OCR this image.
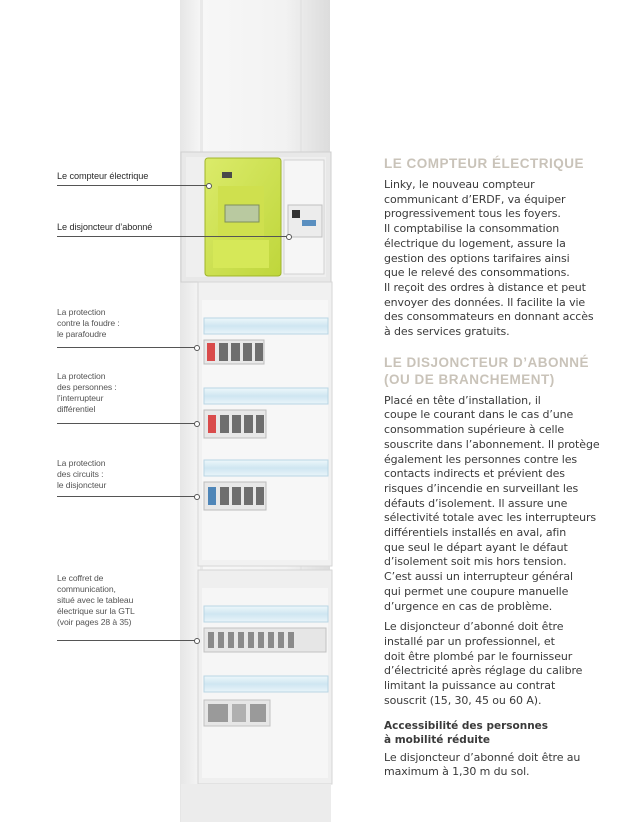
Le compteur électrique
Le disjoncteur d’abonné
La protection
contre la foudre :
le parafoudre
La protection
des personnes :
l’interrupteur
différentiel
La protection
des circuits :
le disjoncteur
Le coffret de
communication,
situé avec le tableau
électrique sur la GTL
(voir pages 28 à 35)
LE COMPTEUR ÉLECTRIQUE
Linky, le nouveau compteur
communicant d’ERDF, va équiper
progressivement tous les foyers.
Il comptabilise la consommation
électrique du logement, assure la
gestion des options tarifaires ainsi
que le relevé des consommations.
Il reçoit des ordres à distance et peut
envoyer des données. Il facilite la vie
des consommateurs en donnant accès
à des services gratuits.
LE DISJONCTEUR D’ABONNÉ
(OU DE BRANCHEMENT)
Placé en tête d’installation, il
coupe le courant dans le cas d’une
consommation supérieure à celle
souscrite dans l’abonnement. Il protège
également les personnes contre les
contacts indirects et prévient des
risques d’incendie en surveillant les
défauts d’isolement. Il assure une
sélectivité totale avec les interrupteurs
différentiels installés en aval, afin
que seul le départ ayant le défaut
d’isolement soit mis hors tension.
C’est aussi un interrupteur général
qui permet une coupure manuelle
d’urgence en cas de problème.
Le disjoncteur d’abonné doit être
installé par un professionnel, et
doit être plombé par le fournisseur
d’électricité après réglage du calibre
limitant la puissance au contrat
souscrit (15, 30, 45 ou 60 A).
Accessibilité des personnes
à mobilité réduite
Le disjoncteur d’abonné doit être au
maximum à 1,30 m du sol.
